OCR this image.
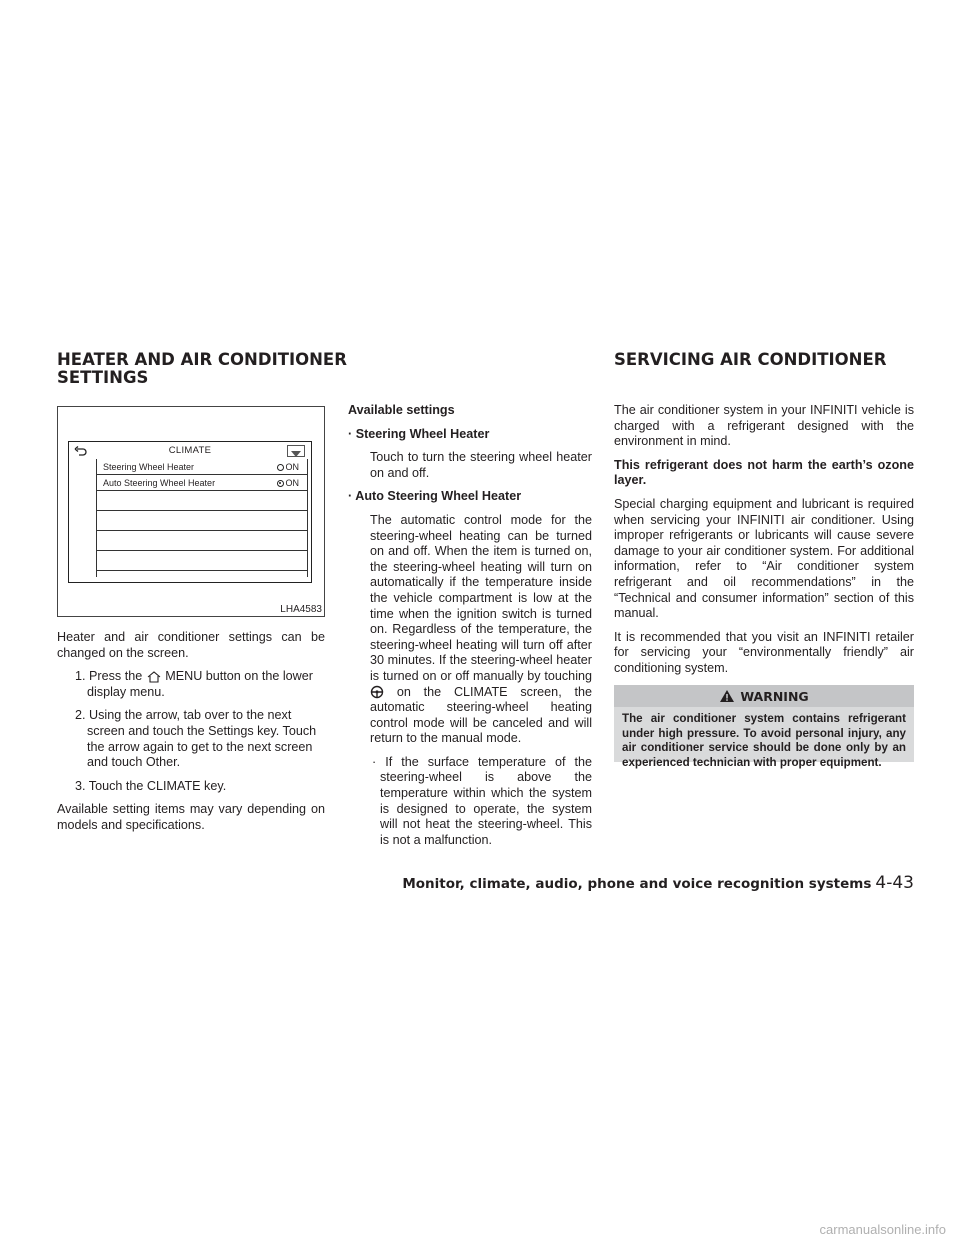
HEATER AND AIR CONDITIONER SETTINGS
SERVICING AIR CONDITIONER
CLIMATE
Steering Wheel Heater	ON
Auto Steering Wheel Heater	ON
LHA4583

Heater and air conditioner settings can be changed on the screen.

1. Press the MENU button on the lower display menu.
2. Using the arrow, tab over to the next screen and touch the Settings key. Touch the arrow again to get to the next screen and touch Other.
3. Touch the CLIMATE key.

Available setting items may vary depending on models and specifications.

Available settings

· Steering Wheel Heater

Touch to turn the steering wheel heater on and off.

· Auto Steering Wheel Heater

The automatic control mode for the steering-wheel heating can be turned on and off. When the item is turned on, the steering-wheel heating will turn on automatically if the temperature inside the vehicle compartment is low at the time when the ignition switch is turned on. Regardless of the temperature, the steering-wheel heating will turn off after 30 minutes. If the steering-wheel heater is turned on or off manually by touching  on the CLIMATE screen, the automatic steering-wheel heating control mode will be canceled and will return to the manual mode.

· If the surface temperature of the steering-wheel is above the temperature within which the system is designed to operate, the system will not heat the steering-wheel. This is not a malfunction.

The air conditioner system in your INFINITI vehicle is charged with a refrigerant designed with the environment in mind.

This refrigerant does not harm the earth’s ozone layer.

Special charging equipment and lubricant is required when servicing your INFINITI air conditioner. Using improper refrigerants or lubricants will cause severe damage to your air conditioner system. For additional information, refer to “Air conditioner system refrigerant and oil recommendations” in the “Technical and consumer information” section of this manual.

It is recommended that you visit an INFINITI retailer for servicing your “environmentally friendly” air conditioning system.

WARNING
The air conditioner system contains refrigerant under high pressure. To avoid personal injury, any air conditioner service should be done only by an experienced technician with proper equipment.
Monitor, climate, audio, phone and voice recognition systems 4-43
carmanualsonline.info
